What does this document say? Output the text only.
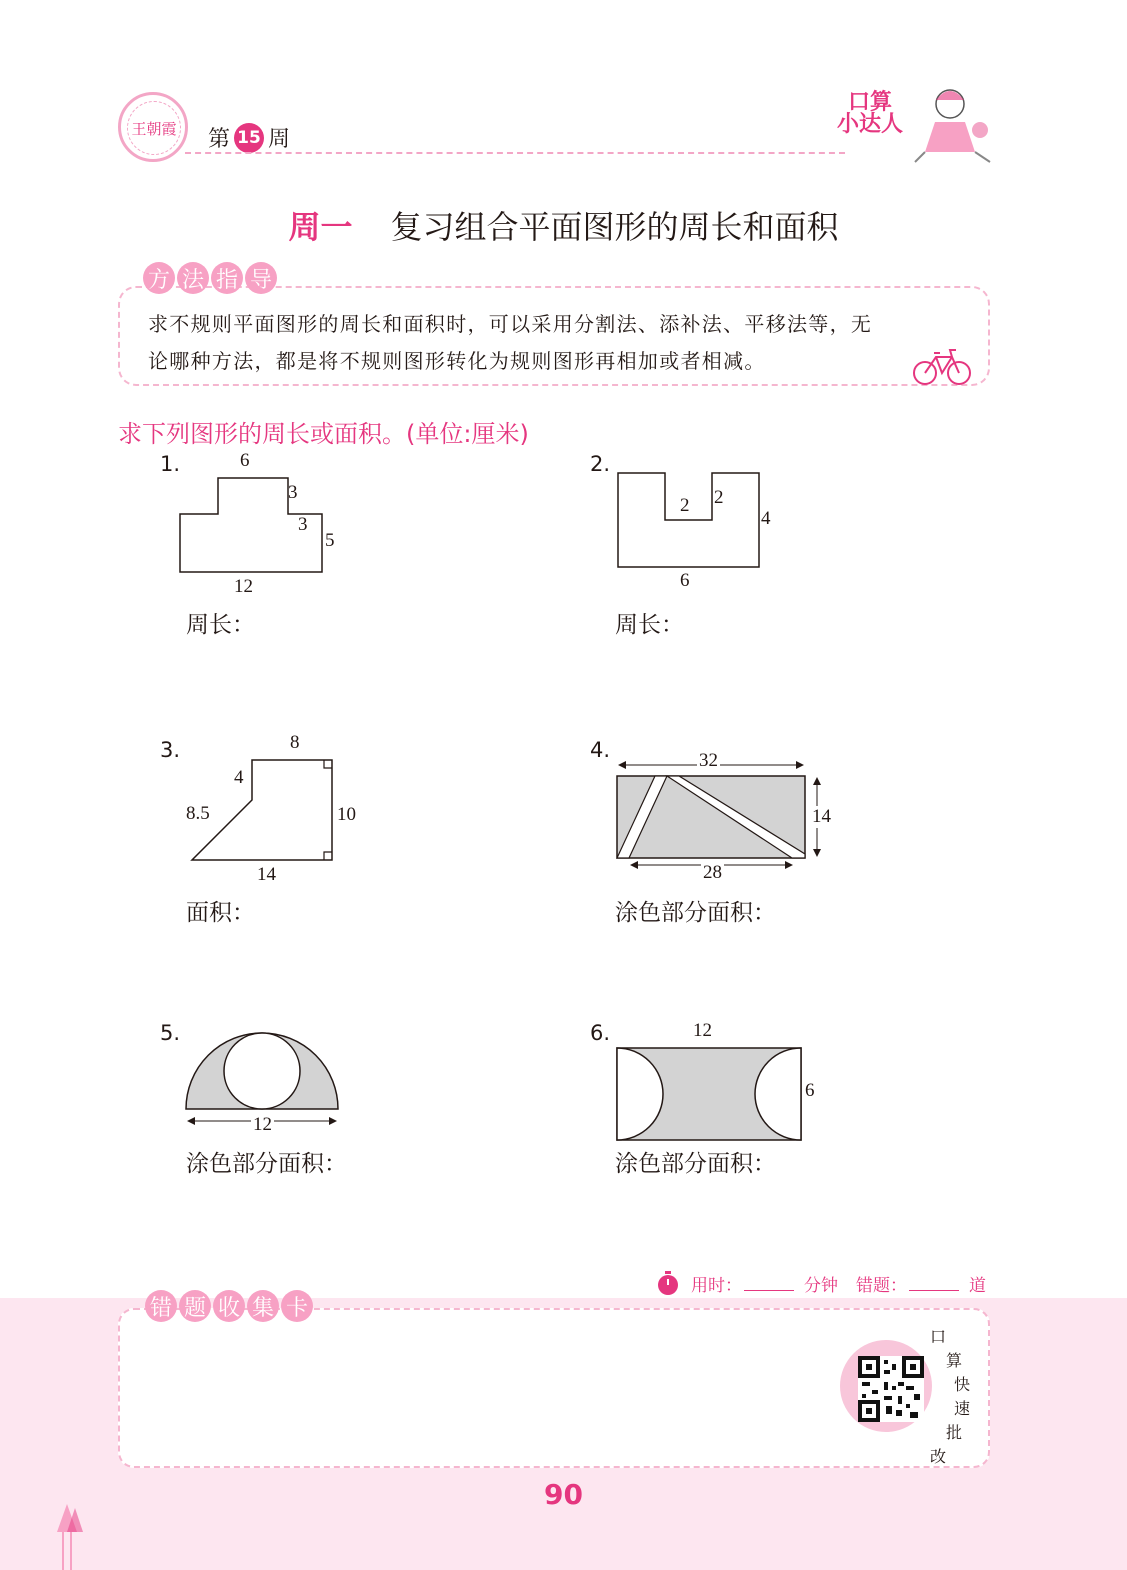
王朝霞 第 15 周
口算
小达人
周一 复习组合平面图形的周长和面积
方 法 指 导
求不规则平面图形的周长和面积时，可以采用分割法、添补法、平移法等，无
论哪种方法，都是将不规则图形转化为规则图形再相加或者相减。
求下列图形的周长或面积。(单位:厘米)
1.	6
3
3
5
12
周长：
2.
2 2
4
6
周长：
3.	8
4
8.5	10
14
面积：
4.	32
14
28
涂色部分面积：
5.
12
涂色部分面积：
6.	12
6
涂色部分面积：
用时：	分钟 错题：	道
错 题 收 集 卡
口
算
快
速
批
改
90
